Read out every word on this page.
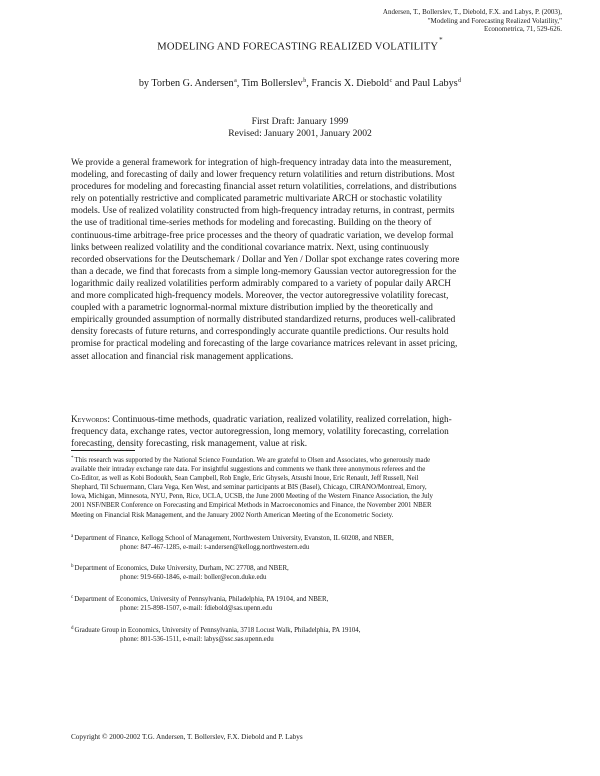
Andersen, T., Bollerslev, T., Diebold, F.X. and Labys, P. (2003),
"Modeling and Forecasting Realized Volatility,"
Econometrica, 71, 529-626.
MODELING AND FORECASTING REALIZED VOLATILITY*
by Torben G. Andersen$^a$, Tim Bollerslev$^b$, Francis X. Diebold$^c$ and Paul Labys$^d$
First Draft: January 1999
Revised: January 2001, January 2002
We provide a general framework for integration of high-frequency intraday data into the measurement,
modeling, and forecasting of daily and lower frequency return volatilities and return distributions. Most
procedures for modeling and forecasting financial asset return volatilities, correlations, and distributions
rely on potentially restrictive and complicated parametric multivariate ARCH or stochastic volatility
models. Use of realized volatility constructed from high-frequency intraday returns, in contrast, permits
the use of traditional time-series methods for modeling and forecasting. Building on the theory of
continuous-time arbitrage-free price processes and the theory of quadratic variation, we develop formal
links between realized volatility and the conditional covariance matrix. Next, using continuously
recorded observations for the Deutschemark / Dollar and Yen / Dollar spot exchange rates covering more
than a decade, we find that forecasts from a simple long-memory Gaussian vector autoregression for the
logarithmic daily realized volatilities perform admirably compared to a variety of popular daily ARCH
and more complicated high-frequency models. Moreover, the vector autoregressive volatility forecast,
coupled with a parametric lognormal-normal mixture distribution implied by the theoretically and
empirically grounded assumption of normally distributed standardized returns, produces well-calibrated
density forecasts of future returns, and correspondingly accurate quantile predictions. Our results hold
promise for practical modeling and forecasting of the large covariance matrices relevant in asset pricing,
asset allocation and financial risk management applications.
Keywords: Continuous-time methods, quadratic variation, realized volatility, realized correlation, high-
frequency data, exchange rates, vector autoregression, long memory, volatility forecasting, correlation
forecasting, density forecasting, risk management, value at risk.
*This research was supported by the National Science Foundation. We are grateful to Olsen and Associates, who generously made
available their intraday exchange rate data. For insightful suggestions and comments we thank three anonymous referees and the
Co-Editor, as well as Kobi Bodoukh, Sean Campbell, Rob Engle, Eric Ghysels, Atsushi Inoue, Eric Renault, Jeff Russell, Neil
Shephard, Til Schuermann, Clara Vega, Ken West, and seminar participants at BIS (Basel), Chicago, CIRANO/Montreal, Emory,
Iowa, Michigan, Minnesota, NYU, Penn, Rice, UCLA, UCSB, the June 2000 Meeting of the Western Finance Association, the July
2001 NSF/NBER Conference on Forecasting and Empirical Methods in Macroeconomics and Finance, the November 2001 NBER
Meeting on Financial Risk Management, and the January 2002 North American Meeting of the Econometric Society.
$^a$Department of Finance, Kellogg School of Management, Northwestern University, Evanston, IL 60208, and NBER,
phone: 847-467-1285, e-mail: t-andersen@kellogg.northwestern.edu
$^b$Department of Economics, Duke University, Durham, NC 27708, and NBER,
phone: 919-660-1846, e-mail: boller@econ.duke.edu
$^c$Department of Economics, University of Pennsylvania, Philadelphia, PA 19104, and NBER,
phone: 215-898-1507, e-mail: fdiebold@sas.upenn.edu
$^d$Graduate Group in Economics, University of Pennsylvania, 3718 Locust Walk, Philadelphia, PA 19104,
phone: 801-536-1511, e-mail: labys@ssc.sas.upenn.edu
Copyright © 2000-2002 T.G. Andersen, T. Bollerslev, F.X. Diebold and P. Labys
